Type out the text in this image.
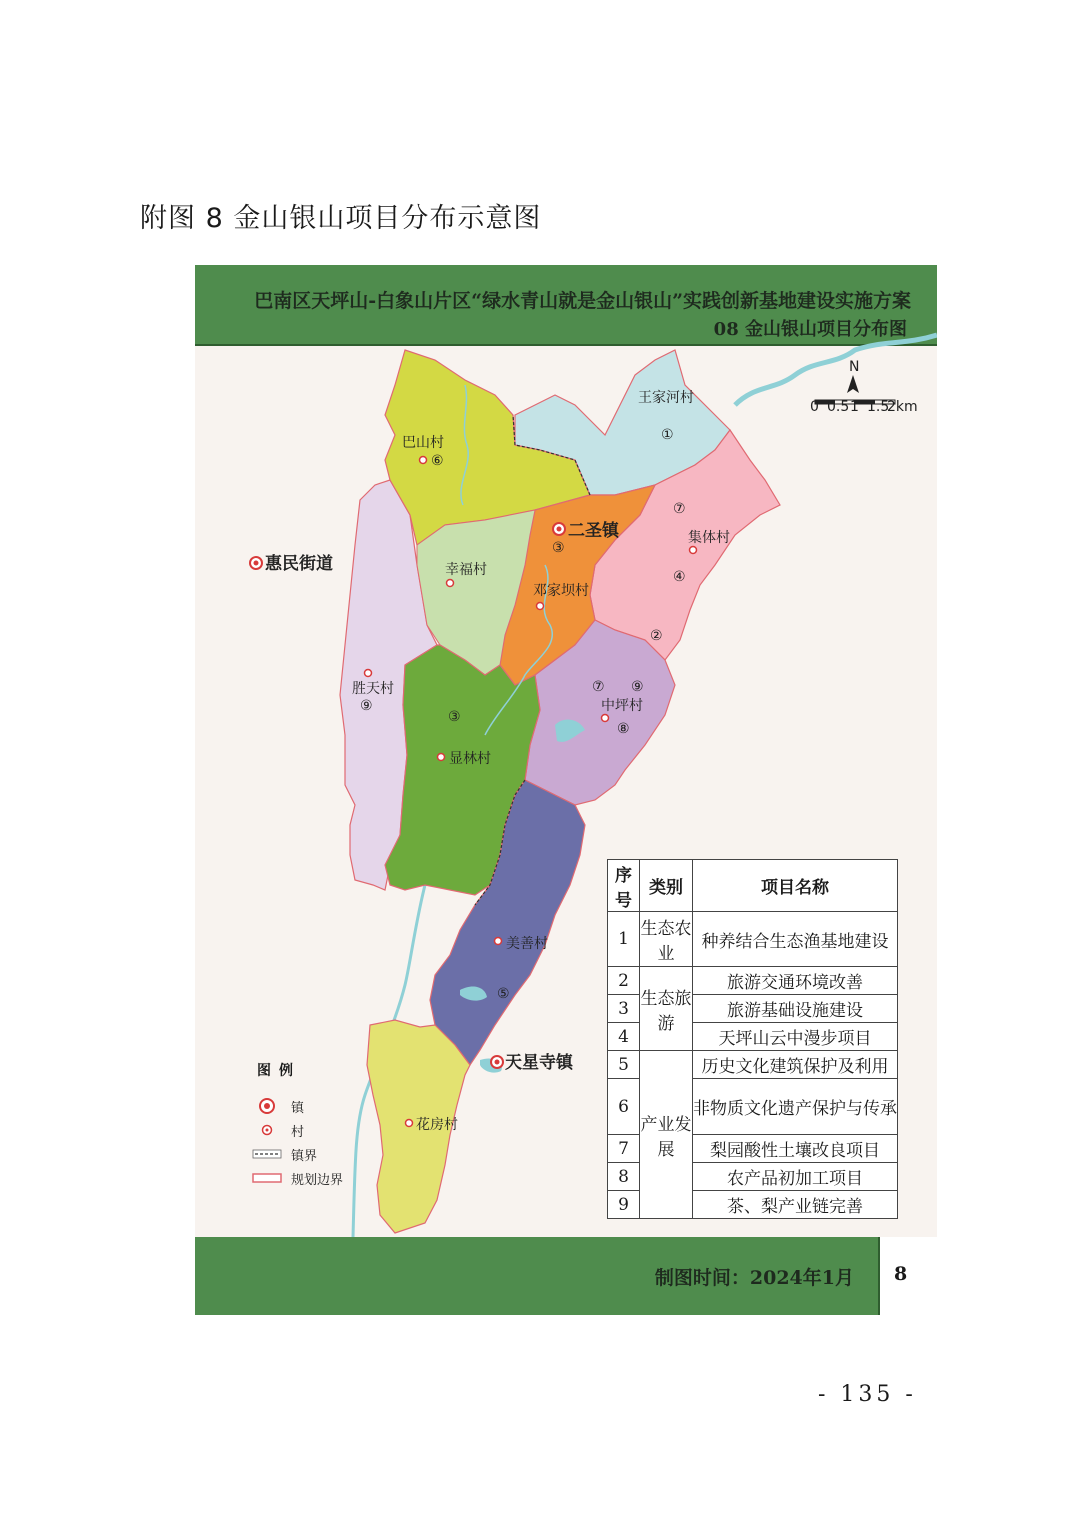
附图 8 金山银山项目分布示意图
巴南区天坪山-白象山片区“绿水青山就是金山银山”实践创新基地建设实施方案
08 金山银山项目分布图
N
0 0.5 1 1.5
2km
二圣镇
天星寺镇
惠民街道
王家河村
①
巴山村
⑥
幸福村
③
邓家坝村
⑦
集体村
④
②
⑦ ⑨
中坪村
⑧
胜天村
⑨
③
显林村
美善村
⑤
花房村
图例
镇
村
镇界
规划边界
序号	类别	项目名称
1	生态农业	种养结合生态渔基地建设
2	生态旅游	旅游交通环境改善
3		旅游基础设施建设
4		天坪山云中漫步项目
5	产业发展	历史文化建筑保护及利用
6		非物质文化遗产保护与传承
7		梨园酸性土壤改良项目
8		农产品初加工项目
9		茶、梨产业链完善
制图时间：2024年1月 8
- 135 -
